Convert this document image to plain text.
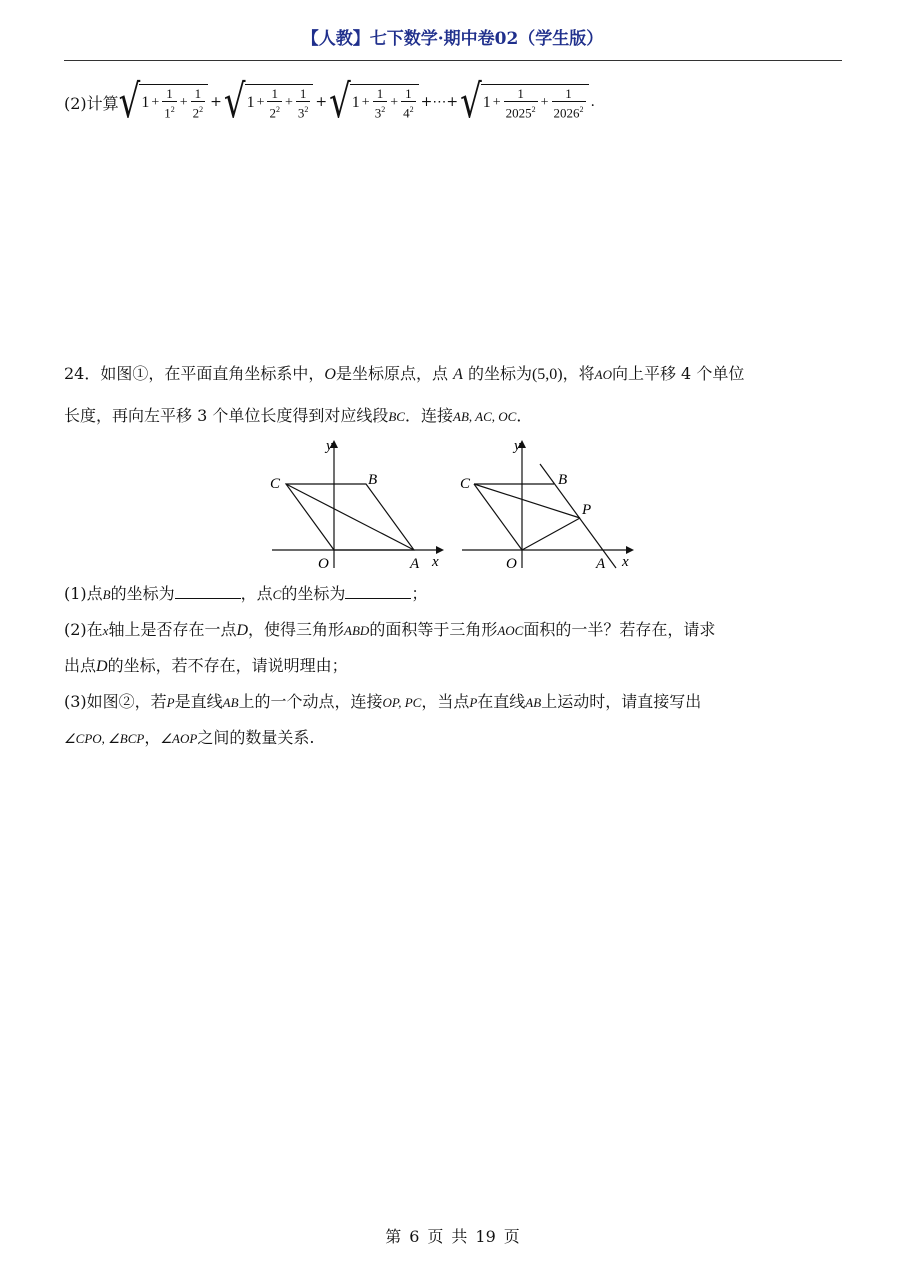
【人教】七下数学·期中卷02（学生版）
(2)计算 √ $1 + \frac{1}{1^2} + \frac{1}{2^2}$ + √ $1 + \frac{1}{2^2} + \frac{1}{3^2}$ + √ $1 + \frac{1}{3^2} + \frac{1}{4^2}$ +⋯+ √ $1 + \frac{1}{2025^2} + \frac{1}{2026^2}$ .
24．如图①，在平面直角坐标系中，O是坐标原点，点 A 的坐标为(5,0)，将AO向上平移 4 个单位
长度，再向左平移 3 个单位长度得到对应线段BC．连接AB, AC, OC．
y
C	B
O	A x
y
C	B
P
O	A x
(1)点B的坐标为	，点C的坐标为	；
(2)在x轴上是否存在一点D，使得三角形ABD的面积等于三角形AOC面积的一半？若存在，请求
出点D的坐标，若不存在，请说明理由；
(3)如图②，若P是直线AB上的一个动点，连接OP, PC，当点P在直线AB上运动时，请直接写出
∠CPO, ∠BCP，∠AOP之间的数量关系.
第 6 页 共 19 页
